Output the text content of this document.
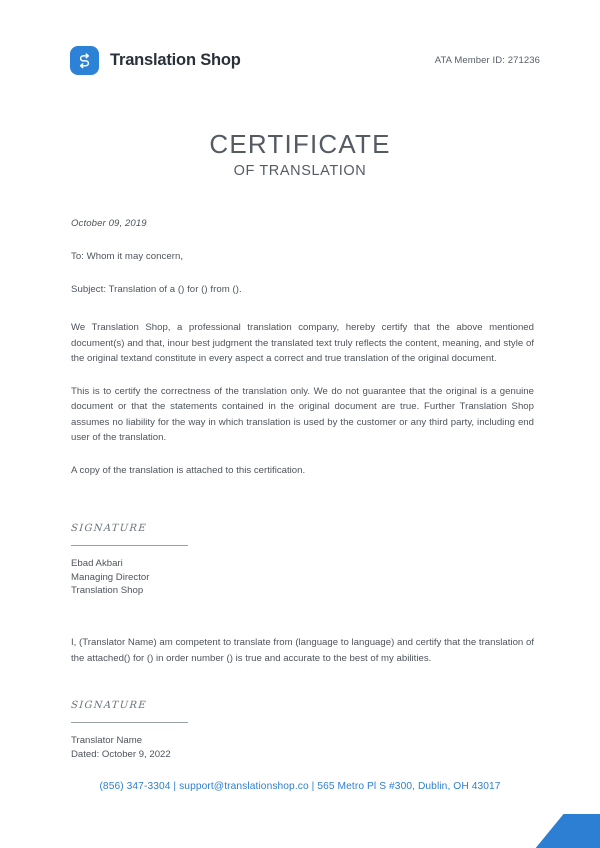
Translation Shop	ATA Member ID: 271236
CERTIFICATE
OF TRANSLATION
October 09, 2019
To: Whom it may concern,
Subject: Translation of a () for () from ().
We Translation Shop, a professional translation company, hereby certify that the above mentioned document(s) and that, inour best judgment the translated text truly reflects the content, meaning, and style of the original textand constitute in every aspect a correct and true translation of the original document.
This is to certify the correctness of the translation only. We do not guarantee that the original is a genuine document or that the statements contained in the original document are true. Further Translation Shop assumes no liability for the way in which translation is used by the customer or any third party, including end user of the translation.
A copy of the translation is attached to this certification.
SIGNATURE
Ebad Akbari
Managing Director
Translation Shop
I, (Translator Name) am competent to translate from (language to language) and certify that the translation of the attached() for () in order number () is true and accurate to the best of my abilities.
SIGNATURE
Translator Name
Dated: October 9, 2022
(856) 347-3304 | support@translationshop.co | 565 Metro Pl S #300, Dublin, OH 43017
